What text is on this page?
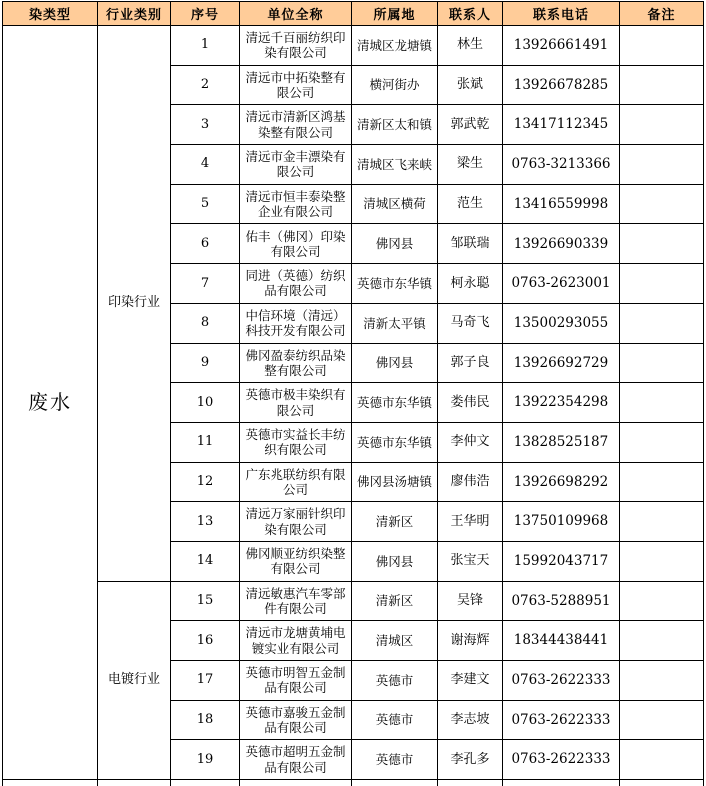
染类型	行业类别	序号	单位全称	所属地	联系人	联系电话	备注
废水	印染行业	1	清远千百丽纺织印染有限公司	清城区龙塘镇	林生	13926661491	
		2	清远市中拓染整有限公司	横河街办	张斌	13926678285	
		3	清远市清新区鸿基染整有限公司	清新区太和镇	郭武乾	13417112345	
		4	清远市金丰漂染有限公司	清城区飞来峡	梁生	0763-3213366	
		5	清远市恒丰泰染整企业有限公司	清城区横荷	范生	13416559998	
		6	佑丰（佛冈）印染有限公司	佛冈县	邹联瑞	13926690339	
		7	同进（英德）纺织品有限公司	英德市东华镇	柯永聪	0763-2623001	
		8	中信环境（清远）科技开发有限公司	清新太平镇	马奇飞	13500293055	
		9	佛冈盈泰纺织品染整有限公司	佛冈县	郭子良	13926692729	
		10	英德市极丰染织有限公司	英德市东华镇	娄伟民	13922354298	
		11	英德市实益长丰纺织有限公司	英德市东华镇	李仲文	13828525187	
		12	广东兆联纺织有限公司	佛冈县汤塘镇	廖伟浩	13926698292	
		13	清远万家丽针织印染有限公司	清新区	王华明	13750109968	
		14	佛冈顺亚纺织染整有限公司	佛冈县	张宝天	15992043717	
	电镀行业	15	清远敏惠汽车零部件有限公司	清新区	吴锋	0763-5288951	
		16	清远市龙塘黄埔电镀实业有限公司	清城区	谢海辉	18344438441	
		17	英德市明智五金制品有限公司	英德市	李建文	0763-2622333	
		18	英德市嘉骏五金制品有限公司	英德市	李志坡	0763-2622333	
		19	英德市超明五金制品有限公司	英德市	李孔多	0763-2622333	
